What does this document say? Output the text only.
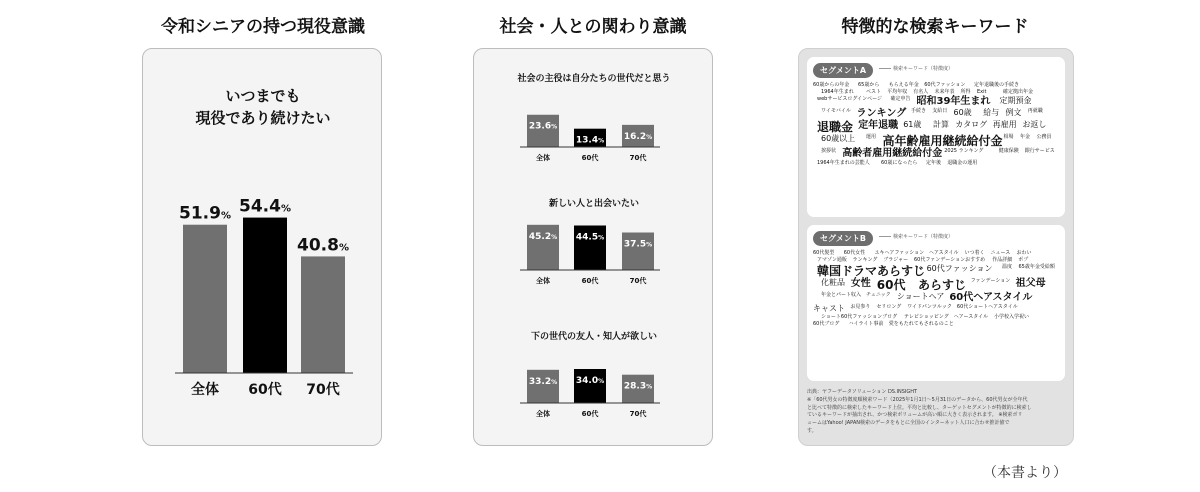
令和シニアの持つ現役意識	社会・人との関わり意識	特徴的な検索キーワード
いつまでも
現役であり続けたい
51.9%
全体
54.4%
60代
40.8%
70代
社会の主役は自分たちの世代だと思う
23.6%
全体
13.4%
60代
16.2%
70代
新しい人と出会いたい
45.2%
全体
44.5%
60代
37.5%
70代
下の世代の友人・知人が欲しい
33.2%
全体
34.0%
60代
28.3%
70代
セグメントA	検索キーワード（特徴度）
60歳からの年金 65歳から もらえる年金 60代ファッション 定年退職後の手続き
1964年生まれ ベスト 平均年収 有名人 未来年表 所得 Exit	確定拠出年金
webサービスログインページ 確定申告 昭和39年生まれ 定期預金
ワイモバイル ランキング 手続き 支給日 60歳 給与 例文 再就職
退職金 定年退職 61歳 計算 カタログ 再雇用 お返し
60歳以上 運用 高年齢雇用継続給付金 相場 年金 公務員
挨拶状 高齢者雇用継続給付金 2025 ランキング	健康保険 銀行サービス
1964年生まれの芸能人 60歳になったら 定年後 退職金の運用
セグメントB	検索キーワード（特徴度）
60代髪型 60代女性 ユキヘアファッション ヘアスタイル いつ着く ニュース おわい
アマゾン通販 ランキング ブラジャー 60代ファンデーションおすすめ 作品詳細 ポプ
韓国ドラマあらすじ 60代ファッション 温度 65歳年金受給額
化粧品 女性 60代 あらすじ ファンデーション 祖父母
年金とパート収入 チュニック ショートヘア 60代ヘアスタイル
キャスト お見参り セリロング ワイドパンツルック 60代ショートヘアスタイル
ショート60代ファッションブログ テレビショッピング ヘアースタイル 小学校入学祝い
60代ブログ ハイライト事前 愛をもたれてもされるのこと
出典：ヤフーデータソリューション DS.INSIGHT
※「60代男女の特徴度順検索ワード（2025年1月1日～5月31日のデータから、60代男女が全年代
と比べて特徴的に検索したキーワード上位。平均と比較し、ターゲットセグメントが特徴的に検索し
ているキーワードが抽出され、かつ検索ボリュームが高い順に大きく表示されます。 ※検索ボリ
ュームはYahoo! JAPAN検索のデータをもとに全国のインターネット人口に合わせ推計値で
す。
（本書より）
